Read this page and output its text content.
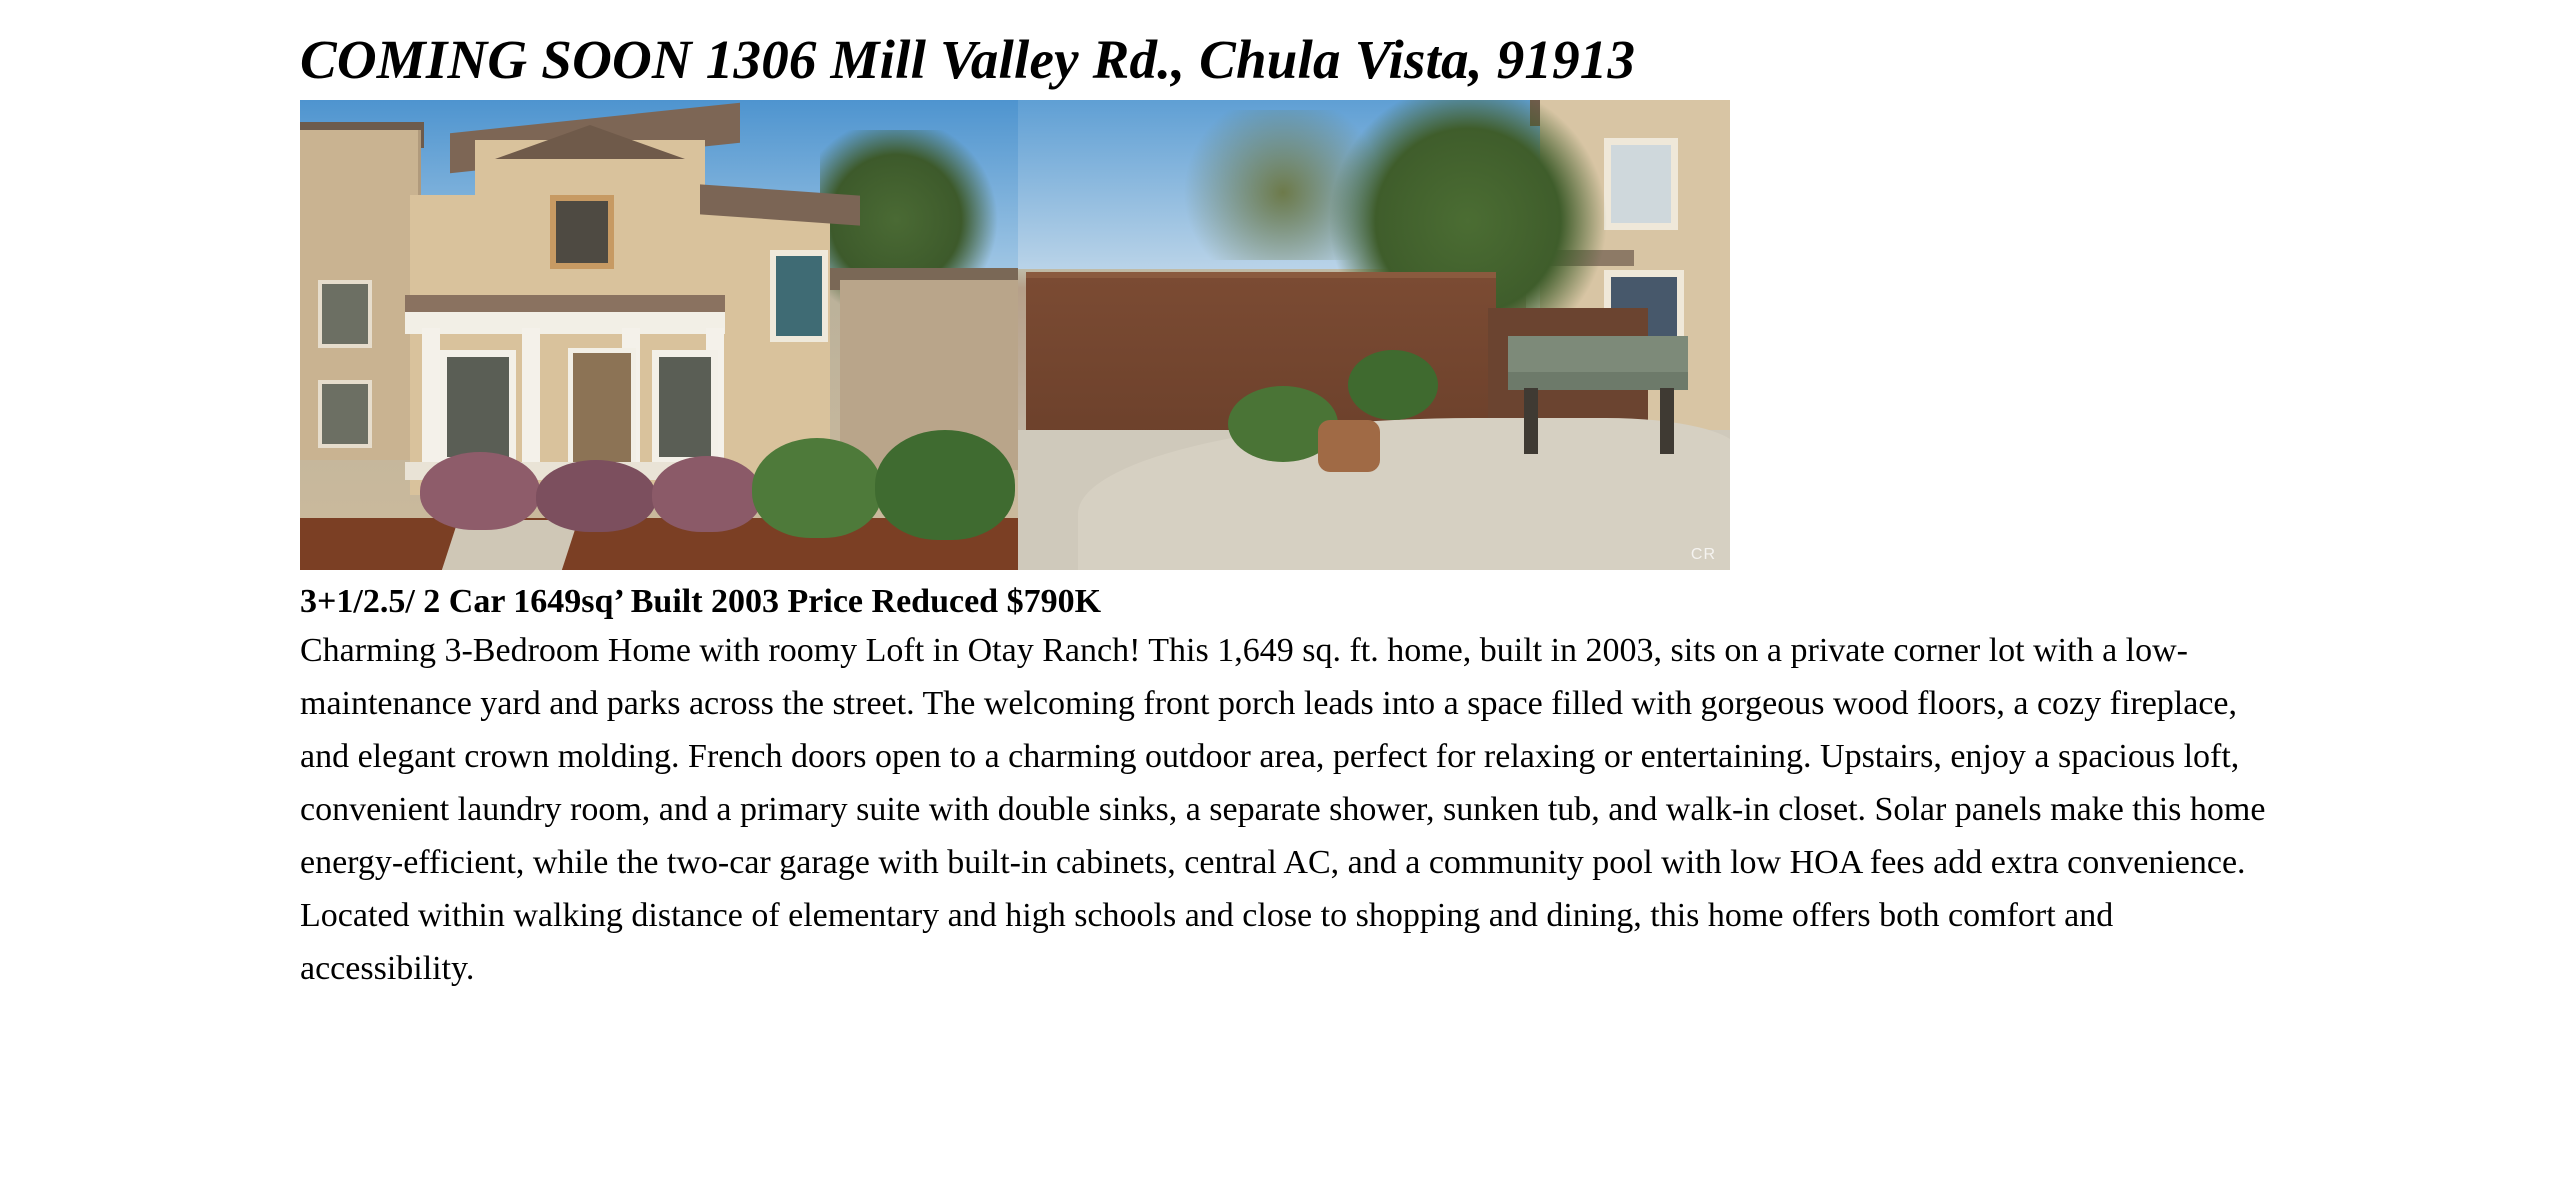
COMING SOON 1306 Mill Valley Rd., Chula Vista, 91913
CR

3+1/2.5/ 2 Car 1649sq’ Built 2003 Price Reduced $790K

Charming 3-Bedroom Home with roomy Loft in Otay Ranch! This 1,649 sq. ft. home, built in 2003, sits on a private corner lot with a low-maintenance yard and parks across the street. The welcoming front porch leads into a space filled with gorgeous wood floors, a cozy fireplace, and elegant crown molding. French doors open to a charming outdoor area, perfect for relaxing or entertaining. Upstairs, enjoy a spacious loft, convenient laundry room, and a primary suite with double sinks, a separate shower, sunken tub, and walk-in closet. Solar panels make this home energy-efficient, while the two-car garage with built-in cabinets, central AC, and a community pool with low HOA fees add extra convenience. Located within walking distance of elementary and high schools and close to shopping and dining, this home offers both comfort and accessibility.
